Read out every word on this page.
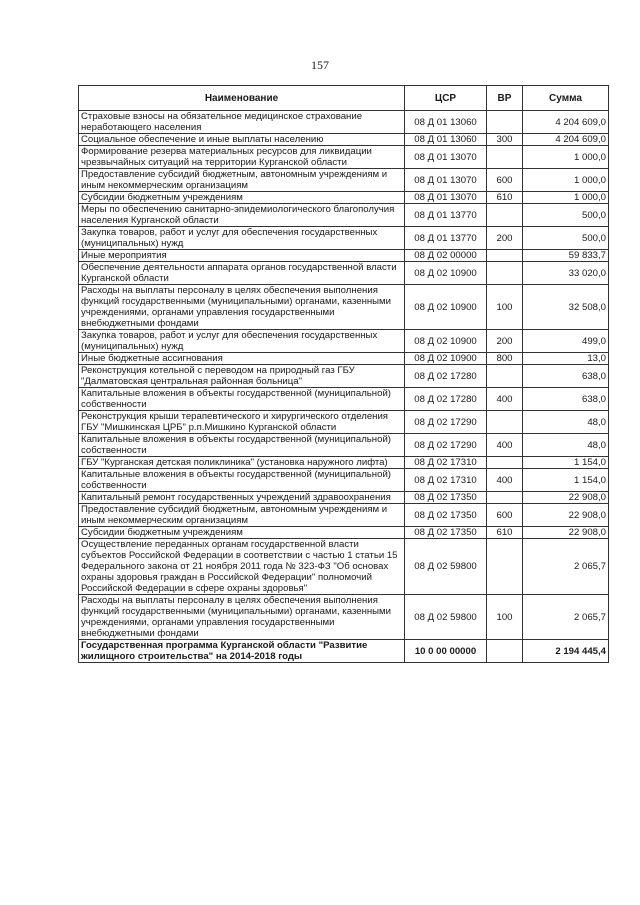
157
Наименование	ЦСР	ВР	Сумма
Страховые взносы на обязательное медицинское страхование неработающего населения	08 Д 01 13060		4 204 609,0
Социальное обеспечение и иные выплаты населению	08 Д 01 13060	300	4 204 609,0
Формирование резерва материальных ресурсов для ликвидации чрезвычайных ситуаций на территории Курганской области	08 Д 01 13070		1 000,0
Предоставление субсидий бюджетным, автономным учреждениям и иным некоммерческим организациям	08 Д 01 13070	600	1 000,0
Субсидии бюджетным учреждениям	08 Д 01 13070	610	1 000,0
Меры по обеспечению санитарно-эпидемиологического благополучия населения Курганской области	08 Д 01 13770		500,0
Закупка товаров, работ и услуг для обеспечения государственных (муниципальных) нужд	08 Д 01 13770	200	500,0
Иные мероприятия	08 Д 02 00000		59 833,7
Обеспечение деятельности аппарата органов государственной власти Курганской области	08 Д 02 10900		33 020,0
Расходы на выплаты персоналу в целях обеспечения выполнения функций государственными (муниципальными) органами, казенными учреждениями, органами управления государственными внебюджетными фондами	08 Д 02 10900	100	32 508,0
Закупка товаров, работ и услуг для обеспечения государственных (муниципальных) нужд	08 Д 02 10900	200	499,0
Иные бюджетные ассигнования	08 Д 02 10900	800	13,0
Реконструкция котельной с переводом на природный газ ГБУ "Далматовская центральная районная больница"	08 Д 02 17280		638,0
Капитальные вложения в объекты государственной (муниципальной) собственности	08 Д 02 17280	400	638,0
Реконструкция крыши терапевтического и хирургического отделения ГБУ "Мишкинская ЦРБ" р.п.Мишкино Курганской области	08 Д 02 17290		48,0
Капитальные вложения в объекты государственной (муниципальной) собственности	08 Д 02 17290	400	48,0
ГБУ "Курганская детская поликлиника" (установка наружного лифта)	08 Д 02 17310		1 154,0
Капитальные вложения в объекты государственной (муниципальной) собственности	08 Д 02 17310	400	1 154,0
Капитальный ремонт государственных учреждений здравоохранения	08 Д 02 17350		22 908,0
Предоставление субсидий бюджетным, автономным учреждениям и иным некоммерческим организациям	08 Д 02 17350	600	22 908,0
Субсидии бюджетным учреждениям	08 Д 02 17350	610	22 908,0
Осуществление переданных органам государственной власти субъектов Российской Федерации в соответствии с частью 1 статьи 15 Федерального закона от 21 ноября 2011 года № 323-ФЗ "Об основах охраны здоровья граждан в Российской Федерации" полномочий Российской Федерации в сфере охраны здоровья"	08 Д 02 59800		2 065,7
Расходы на выплаты персоналу в целях обеспечения выполнения функций государственными (муниципальными) органами, казенными учреждениями, органами управления государственными внебюджетными фондами	08 Д 02 59800	100	2 065,7
Государственная программа Курганской области "Развитие жилищного строительства" на 2014-2018 годы	10 0 00 00000		2 194 445,4
